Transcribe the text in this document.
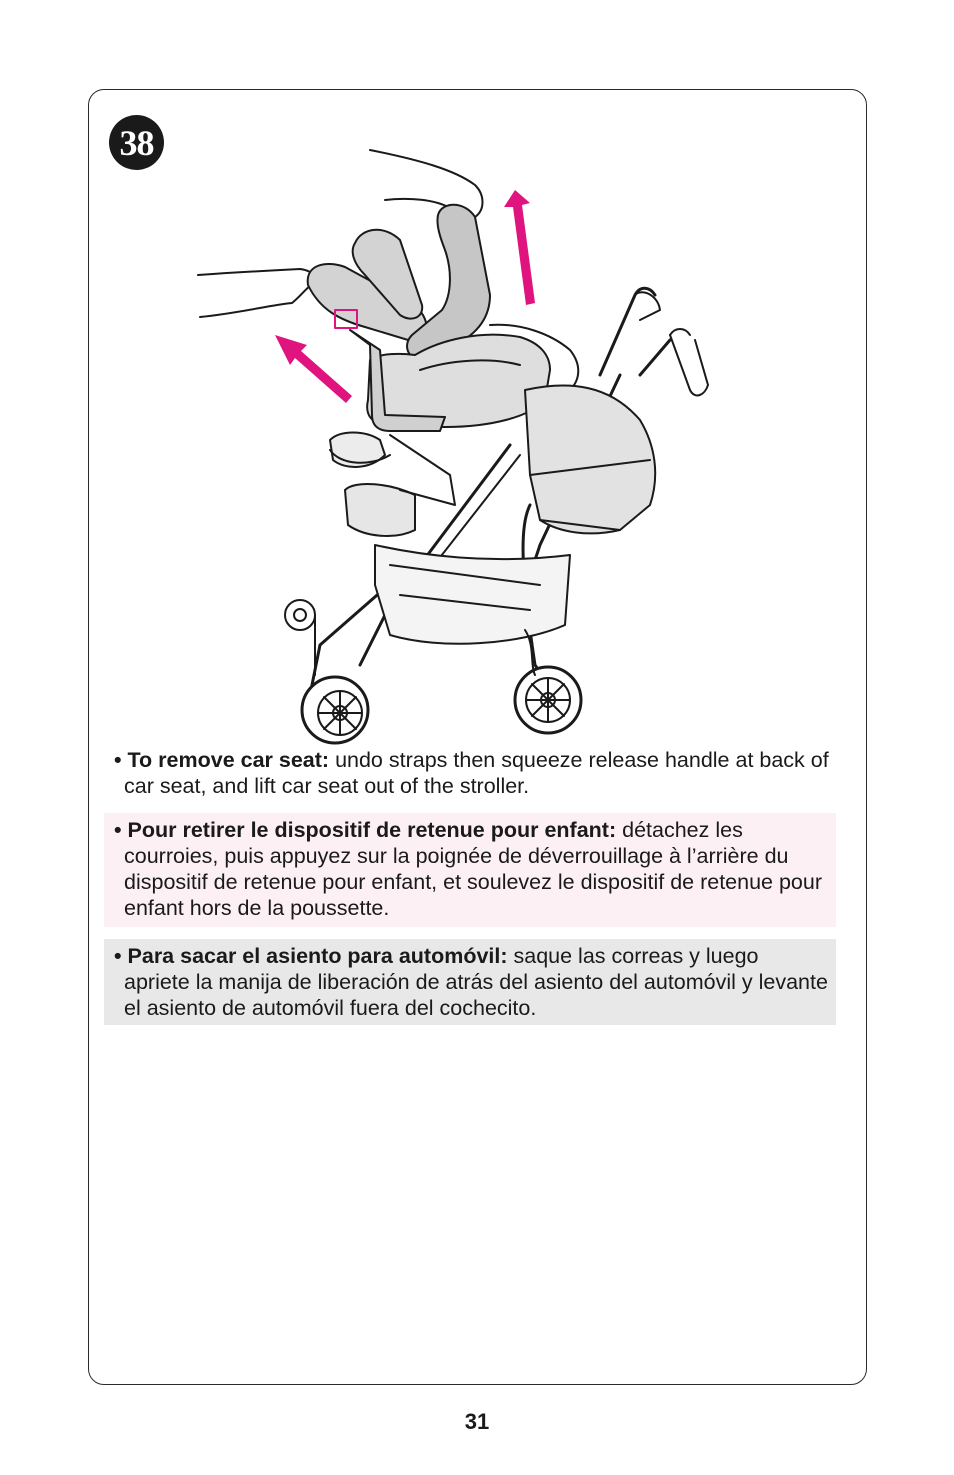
38

• To remove car seat: undo straps then squeeze release handle at back of car seat, and lift car seat out of the stroller.

• Pour retirer le dispositif de retenue pour enfant: détachez les courroies, puis appuyez sur la poignée de déverrouillage à l’arrière du dispositif de retenue pour enfant, et soulevez le dispositif de retenue pour enfant hors de la poussette.

• Para sacar el asiento para automóvil: saque las correas y luego apriete la manija de liberación de atrás del asiento del automóvil y levante el asiento de automóvil fuera del cochecito.

31
